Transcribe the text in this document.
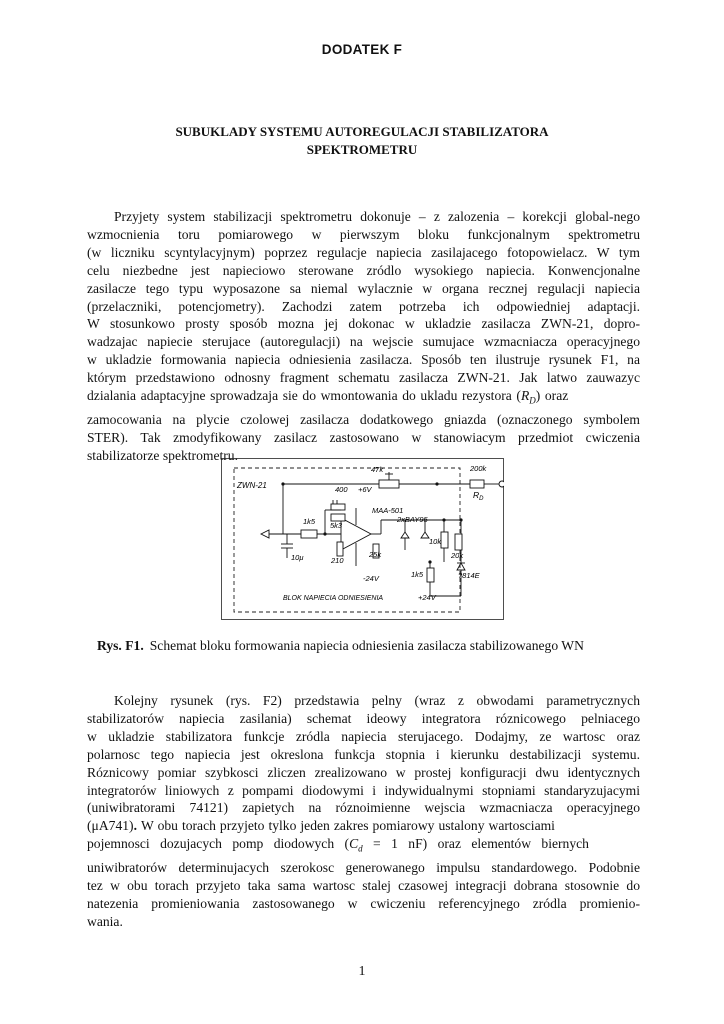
DODATEK F
SUBUKLADY SYSTEMU AUTOREGULACJI STABILIZATORA
SPEKTROMETRU
Przyjety system stabilizacji spektrometru dokonuje – z zalozenia – korekcji global-nego
wzmocnienia toru pomiarowego w pierwszym bloku funkcjonalnym spektrometru
(w liczniku scyntylacyjnym) poprzez regulacje napiecia zasilajacego fotopowielacz. W tym
celu niezbedne jest napieciowo sterowane zródlo wysokiego napiecia. Konwencjonalne
zasilacze tego typu wyposazone sa niemal wylacznie w organa recznej regulacji napiecia
(przelaczniki, potencjometry). Zachodzi zatem potrzeba ich odpowiedniej adaptacji.
W stosunkowo prosty sposób mozna jej dokonac w ukladzie zasilacza ZWN-21, dopro-
wadzajac napiecie sterujace (autoregulacji) na wejscie sumujace wzmacniacza operacyjnego
w ukladzie formowania napiecia odniesienia zasilacza. Sposób ten ilustruje rysunek F1, na
którym przedstawiono odnosny fragment schematu zasilacza ZWN-21. Jak latwo zauwazyc
dzialania adaptacyjne sprowadzaja sie do wmontowania do ukladu rezystora $(R_D)$ oraz
zamocowania na plycie czolowej zasilacza dodatkowego gniazda (oznaczonego symbolem
STER). Tak zmodyfikowany zasilacz zastosowano w stanowiacym przedmiot cwiczenia
stabilizatorze spektrometru.
ZWN-21
47k	200k
$R_D$
400 +6V
MAA-501
2xBAY95
1k5 5k3
10k
20k
10μ	210
25k
-24V	1k5	?814E
BLOK NAPIECIA ODNIESIENIA	+24V
Rys. F1. Schemat bloku formowania napiecia odniesienia zasilacza stabilizowanego WN
Kolejny rysunek (rys. F2) przedstawia pelny (wraz z obwodami parametrycznych
stabilizatorów napiecia zasilania) schemat ideowy integratora róznicowego pelniacego
w ukladzie stabilizatora funkcje zródla napiecia sterujacego. Dodajmy, ze wartosc oraz
polarnosc tego napiecia jest okreslona funkcja stopnia i kierunku destabilizacji systemu.
Róznicowy pomiar szybkosci zliczen zrealizowano w prostej konfiguracji dwu identycznych
integratorów liniowych z pompami diodowymi i indywidualnymi stopniami standaryzujacymi
(uniwibratorami 74121) zapietych na róznoimienne wejscia wzmacniacza operacyjnego
(μA741). W obu torach przyjeto tylko jeden zakres pomiarowy ustalony wartosciami
pojemnosci dozujacych pomp diodowych ($C_d = 1$ nF) oraz elementów biernych
uniwibratorów determinujacych szerokosc generowanego impulsu standardowego. Podobnie
tez w obu torach przyjeto taka sama wartosc stalej czasowej integracji dobrana stosownie do
natezenia promieniowania zastosowanego w cwiczeniu referencyjnego zródla promienio-
wania.
1
